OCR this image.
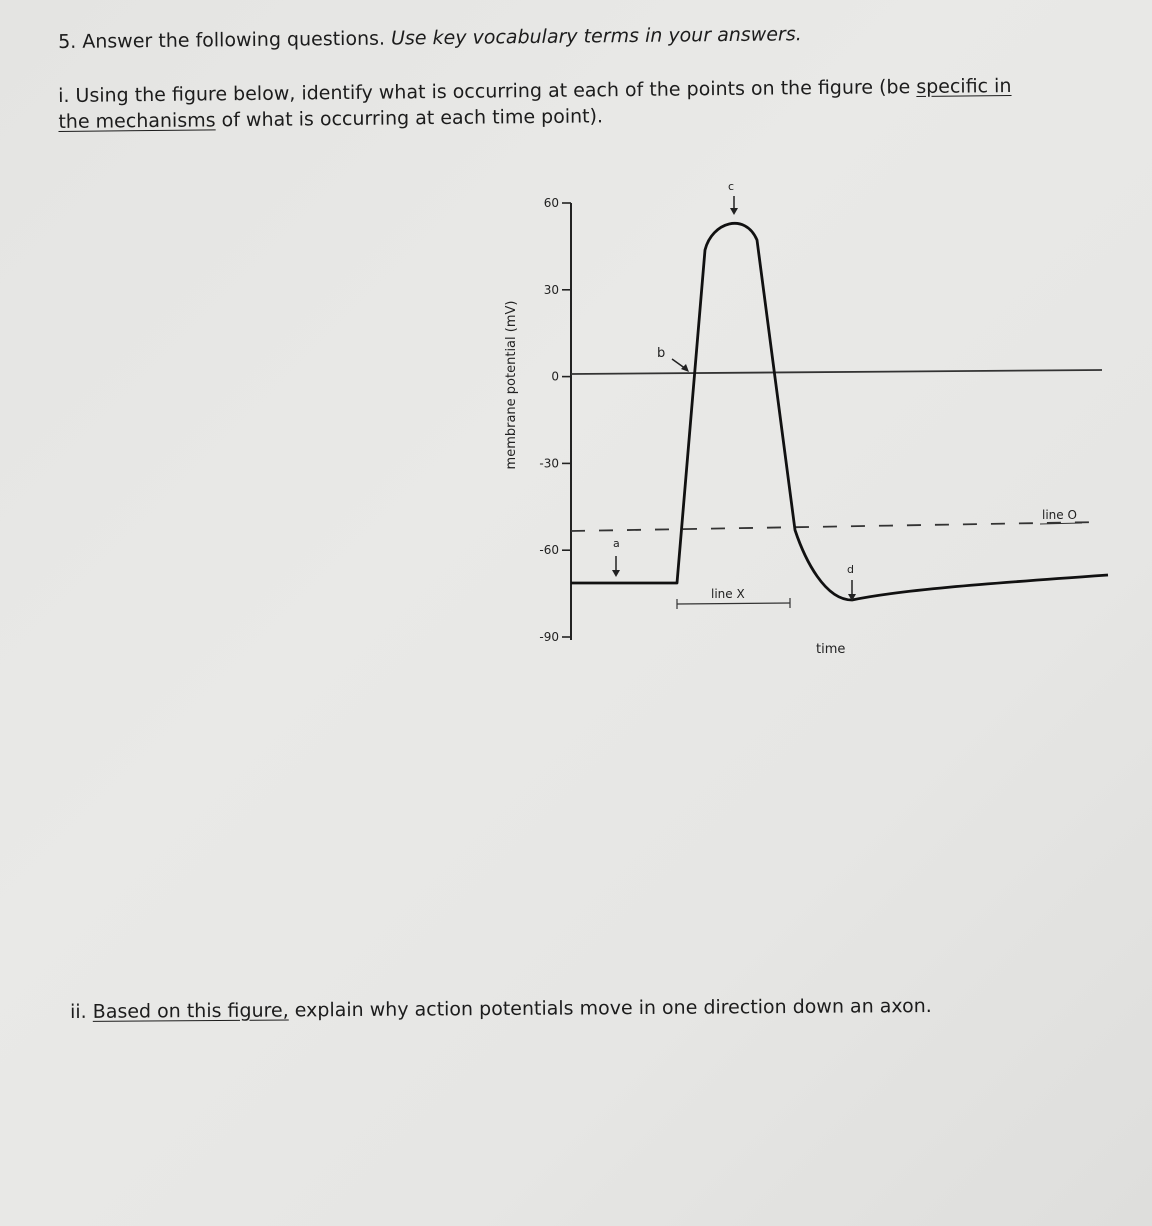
5. Answer the following questions. Use key vocabulary terms in your answers.
i. Using the figure below, identify what is occurring at each of the points on the figure (be specific in
the mechanisms of what is occurring at each time point).
60
30
0
-30
-60
-90
membrane potential (mV)
line O
a
b
c
d
line X
time
ii. Based on this figure, explain why action potentials move in one direction down an axon.
